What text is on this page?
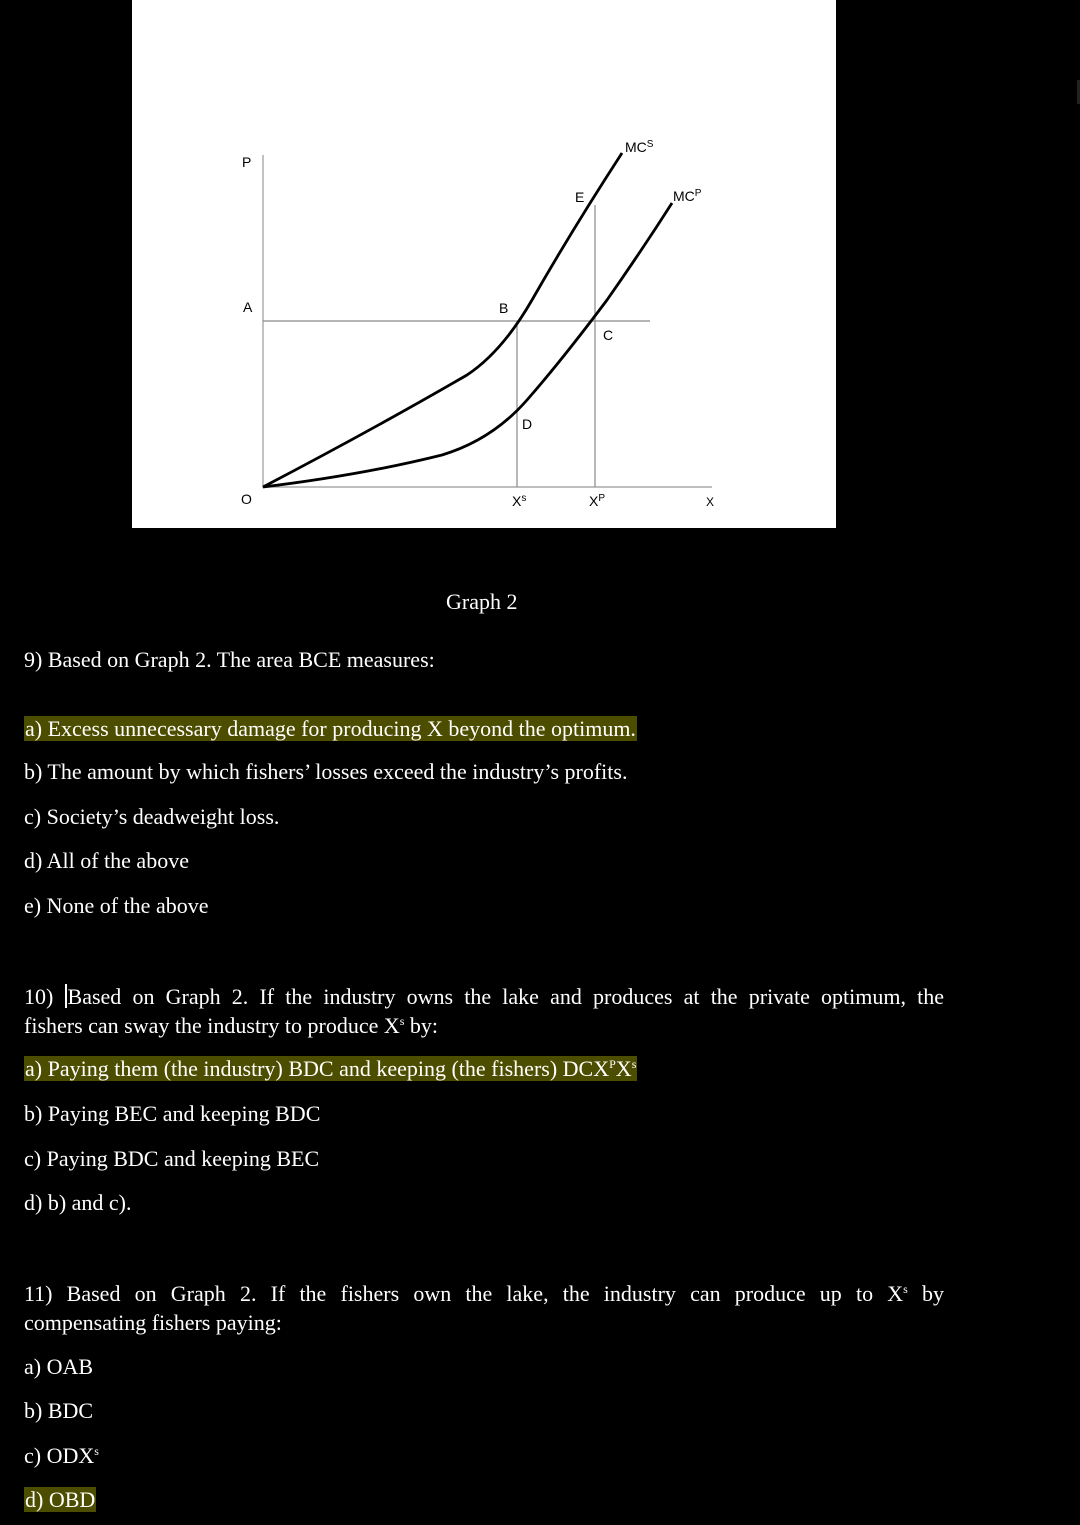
P
A
O
B
C
D
E
$MC^S$
$MC^P$
$X^s$	$X^P$	X
Graph 2
9) Based on Graph 2. The area BCE measures:
a) Excess unnecessary damage for producing X beyond the optimum.
b) The amount by which fishers’ losses exceed the industry’s profits.
c) Society’s deadweight loss.
d) All of the above
e) None of the above
10) Based on Graph 2. If the industry owns the lake and produces at the private optimum, the
fishers can sway the industry to produce $X^s$ by:
a) Paying them (the industry) BDC and keeping (the fishers) $DCX^PX^s$
b) Paying BEC and keeping BDC
c) Paying BDC and keeping BEC
d) b) and c).
11) Based on Graph 2. If the fishers own the lake, the industry can produce up to $X^s$ by
compensating fishers paying:
a) OAB
b) BDC
c) ODX$^s$
d) OBD
